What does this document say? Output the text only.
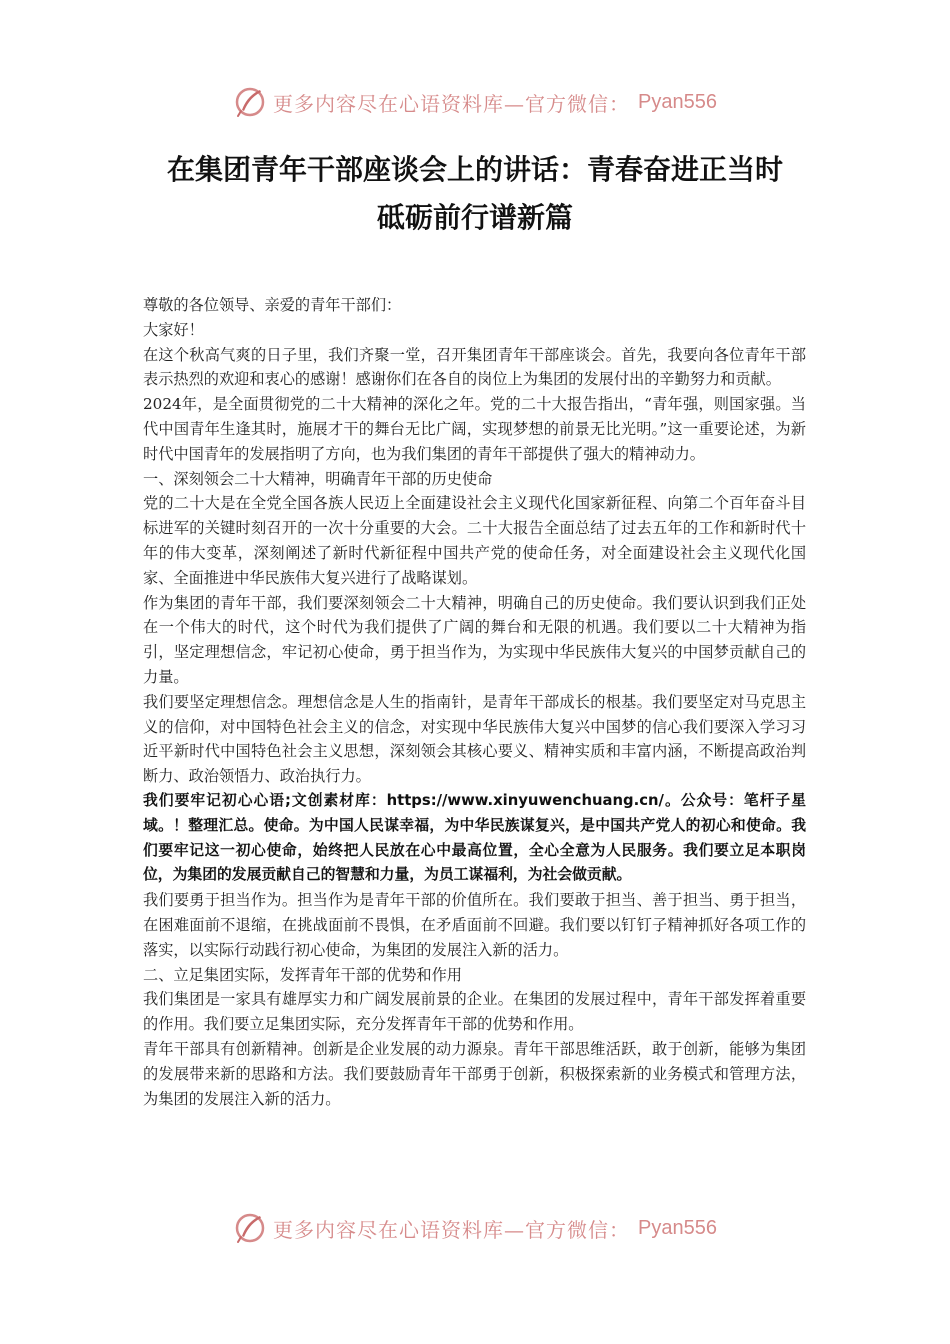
更多内容尽在心语资料库—官方微信： Pyan556
在集团青年干部座谈会上的讲话：青春奋进正当时
砥砺前行谱新篇

尊敬的各位领导、亲爱的青年干部们：

大家好！

在这个秋高气爽的日子里，我们齐聚一堂，召开集团青年干部座谈会。首先，我要向各位青年干部表示热烈的欢迎和衷心的感谢！感谢你们在各自的岗位上为集团的发展付出的辛勤努力和贡献。

2024年，是全面贯彻党的二十大精神的深化之年。党的二十大报告指出，“青年强，则国家强。当代中国青年生逢其时，施展才干的舞台无比广阔，实现梦想的前景无比光明。”这一重要论述，为新时代中国青年的发展指明了方向，也为我们集团的青年干部提供了强大的精神动力。

一、深刻领会二十大精神，明确青年干部的历史使命

党的二十大是在全党全国各族人民迈上全面建设社会主义现代化国家新征程、向第二个百年奋斗目标进军的关键时刻召开的一次十分重要的大会。二十大报告全面总结了过去五年的工作和新时代十年的伟大变革，深刻阐述了新时代新征程中国共产党的使命任务，对全面建设社会主义现代化国家、全面推进中华民族伟大复兴进行了战略谋划。

作为集团的青年干部，我们要深刻领会二十大精神，明确自己的历史使命。我们要认识到我们正处在一个伟大的时代，这个时代为我们提供了广阔的舞台和无限的机遇。我们要以二十大精神为指引，坚定理想信念，牢记初心使命，勇于担当作为，为实现中华民族伟大复兴的中国梦贡献自己的力量。

我们要坚定理想信念。理想信念是人生的指南针，是青年干部成长的根基。我们要坚定对马克思主义的信仰，对中国特色社会主义的信念，对实现中华民族伟大复兴中国梦的信心我们要深入学习习近平新时代中国特色社会主义思想，深刻领会其核心要义、精神实质和丰富内涵，不断提高政治判断力、政治领悟力、政治执行力。

我们要牢记初心心语;文创素材库：https://www.xinyuwenchuang.cn/。公众号：笔杆子星域。！整理汇总。使命。为中国人民谋幸福，为中华民族谋复兴，是中国共产党人的初心和使命。我们要牢记这一初心使命，始终把人民放在心中最高位置，全心全意为人民服务。我们要立足本职岗位，为集团的发展贡献自己的智慧和力量，为员工谋福利，为社会做贡献。

我们要勇于担当作为。担当作为是青年干部的价值所在。我们要敢于担当、善于担当、勇于担当，在困难面前不退缩，在挑战面前不畏惧，在矛盾面前不回避。我们要以钉钉子精神抓好各项工作的落实，以实际行动践行初心使命，为集团的发展注入新的活力。

二、立足集团实际，发挥青年干部的优势和作用

我们集团是一家具有雄厚实力和广阔发展前景的企业。在集团的发展过程中，青年干部发挥着重要的作用。我们要立足集团实际，充分发挥青年干部的优势和作用。

青年干部具有创新精神。创新是企业发展的动力源泉。青年干部思维活跃，敢于创新，能够为集团的发展带来新的思路和方法。我们要鼓励青年干部勇于创新，积极探索新的业务模式和管理方法，为集团的发展注入新的活力。

更多内容尽在心语资料库—官方微信： Pyan556
